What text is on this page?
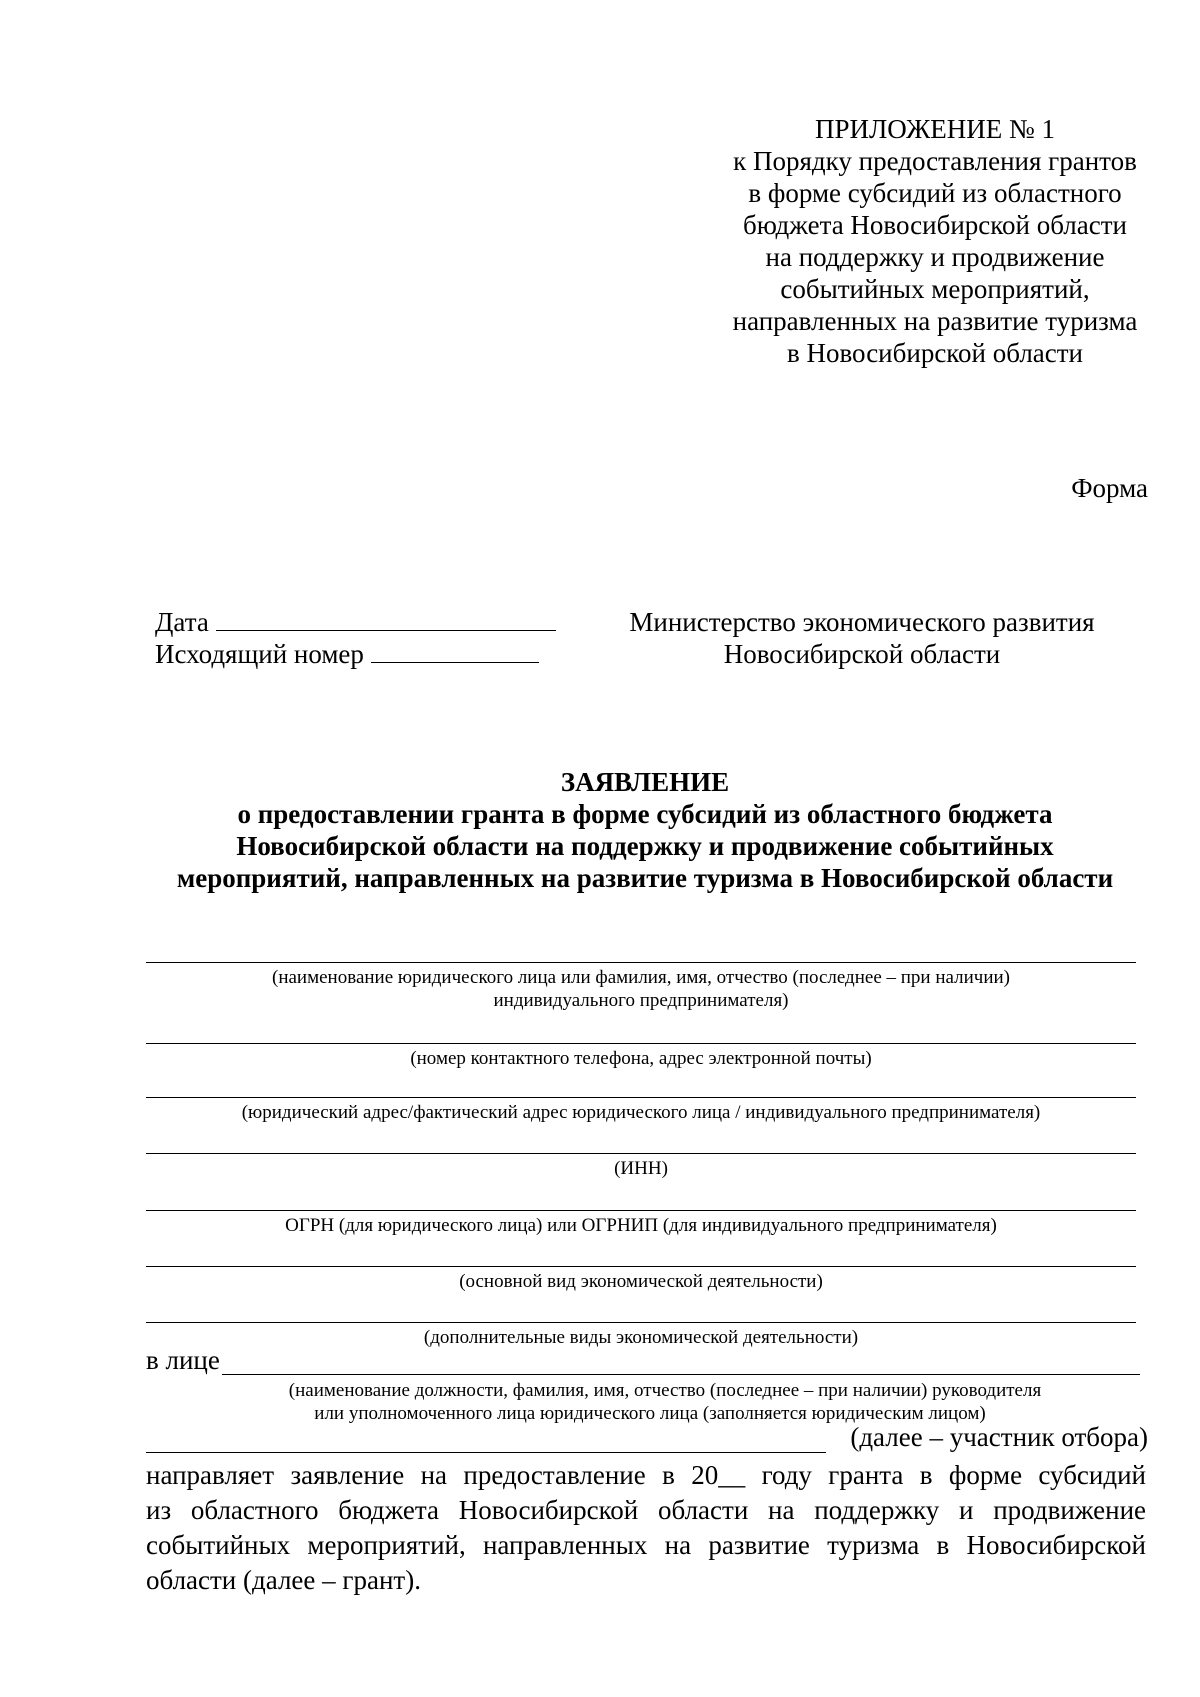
ПРИЛОЖЕНИЕ № 1
к Порядку предоставления грантов
в форме субсидий из областного
бюджета Новосибирской области
на поддержку и продвижение
событийных мероприятий,
направленных на развитие туризма
в Новосибирской области
Форма
Дата
Исходящий номер
Министерство экономического развития
Новосибирской области
ЗАЯВЛЕНИЕ
о предоставлении гранта в форме субсидий из областного бюджета
Новосибирской области на поддержку и продвижение событийных
мероприятий, направленных на развитие туризма в Новосибирской области
(наименование юридического лица или фамилия, имя, отчество (последнее – при наличии)
индивидуального предпринимателя)
(номер контактного телефона, адрес электронной почты)
(юридический адрес/фактический адрес юридического лица / индивидуального предпринимателя)
(ИНН)
ОГРН (для юридического лица) или ОГРНИП (для индивидуального предпринимателя)
(основной вид экономической деятельности)
(дополнительные виды экономической деятельности)
в лице
(наименование должности, фамилия, имя, отчество (последнее – при наличии) руководителя
или уполномоченного лица юридического лица (заполняется юридическим лицом)
(далее – участник отбора)
направляет заявление на предоставление в 20__ году гранта в форме субсидий
из областного бюджета Новосибирской области на поддержку и продвижение
событийных мероприятий, направленных на развитие туризма в Новосибирской
области (далее – грант).
